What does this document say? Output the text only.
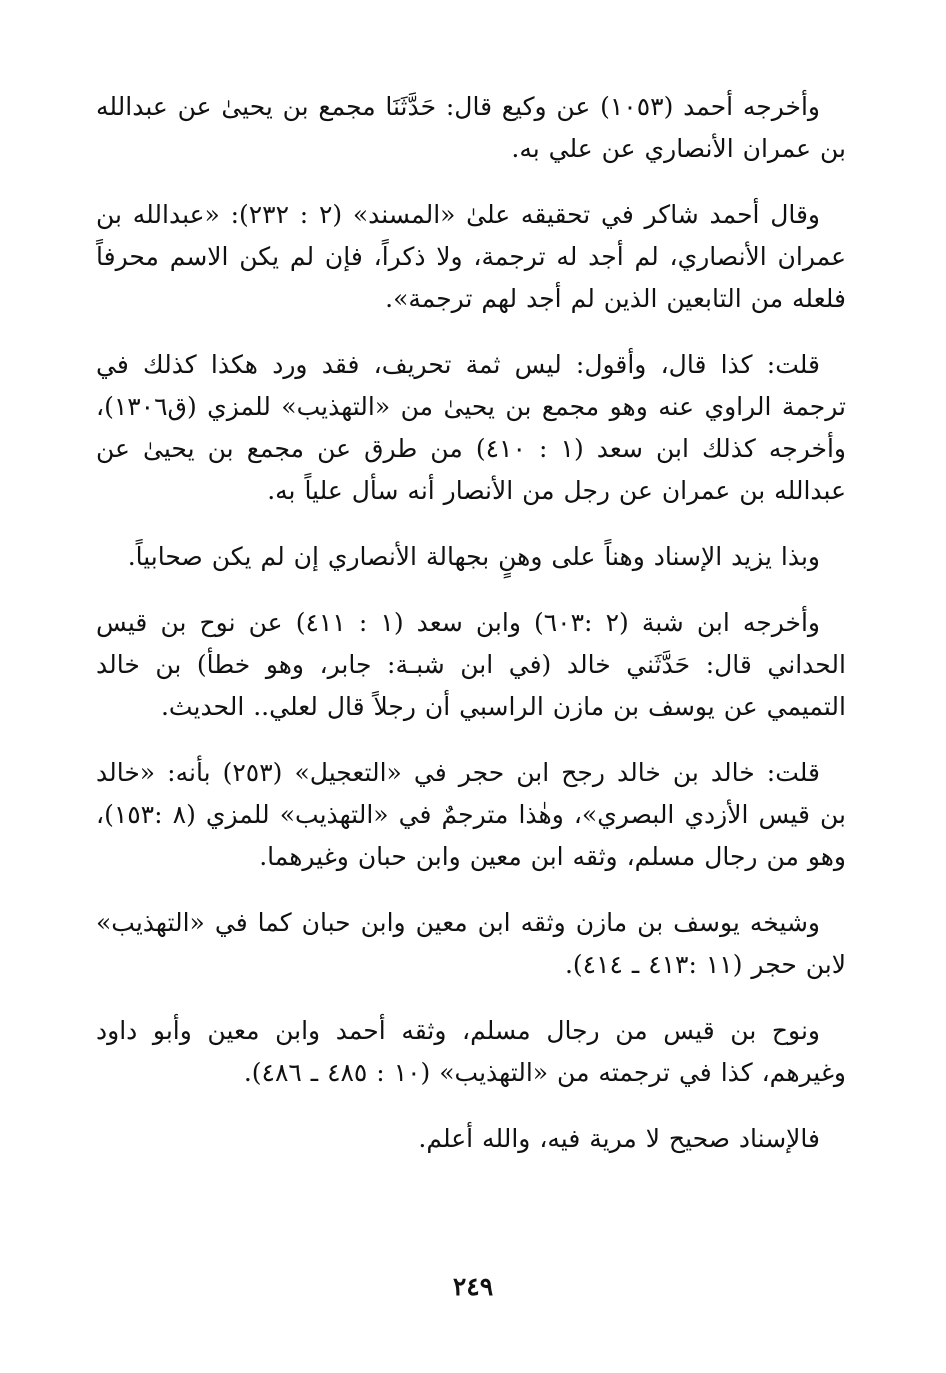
وأخرجه أحمد (١٠٥٣) عن وكيع قال: حَدَّثَنَا مجمع بن يحيىٰ عن عبدالله بن عمران الأنصاري عن علي به.

وقال أحمد شاكر في تحقيقه علىٰ «المسند» (٢ : ٢٣٢): «عبدالله بن عمران الأنصاري، لم أجد له ترجمة، ولا ذكراً، فإن لم يكن الاسم محرفاً فلعله من التابعين الذين لم أجد لهم ترجمة».

قلت: كذا قال، وأقول: ليس ثمة تحريف، فقد ورد هكذا كذلك في ترجمة الراوي عنه وهو مجمع بن يحيىٰ من «التهذيب» للمزي (ق١٣٠٦)، وأخرجه كذلك ابن سعد (١ : ٤١٠) من طرق عن مجمع بن يحيىٰ عن عبدالله بن عمران عن رجل من الأنصار أنه سأل علياً به.

وبذا يزيد الإسناد وهناً على وهنٍ بجهالة الأنصاري إن لم يكن صحابياً.

وأخرجه ابن شبة (٢ :٦٠٣) وابن سعد (١ : ٤١١) عن نوح بن قيس الحداني قال: حَدَّثَني خالد (في ابن شبـة: جابر، وهو خطأ) بن خالد التميمي عن يوسف بن مازن الراسبي أن رجلاً قال لعلي.. الحديث.

قلت: خالد بن خالد رجح ابن حجر في «التعجيل» (٢٥٣) بأنه: «خالد بن قيس الأزدي البصري»، وهٰذا مترجمٌ في «التهذيب» للمزي (٨ :١٥٣)، وهو من رجال مسلم، وثقه ابن معين وابن حبان وغيرهما.

وشيخه يوسف بن مازن وثقه ابن معين وابن حبان كما في «التهذيب» لابن حجر (١١ :٤١٣ ـ ٤١٤).

ونوح بن قيس من رجال مسلم، وثقه أحمد وابن معين وأبو داود وغيرهم، كذا في ترجمته من «التهذيب» (١٠ : ٤٨٥ ـ ٤٨٦).

فالإسناد صحيح لا مرية فيه، والله أعلم.

٢٤٩
